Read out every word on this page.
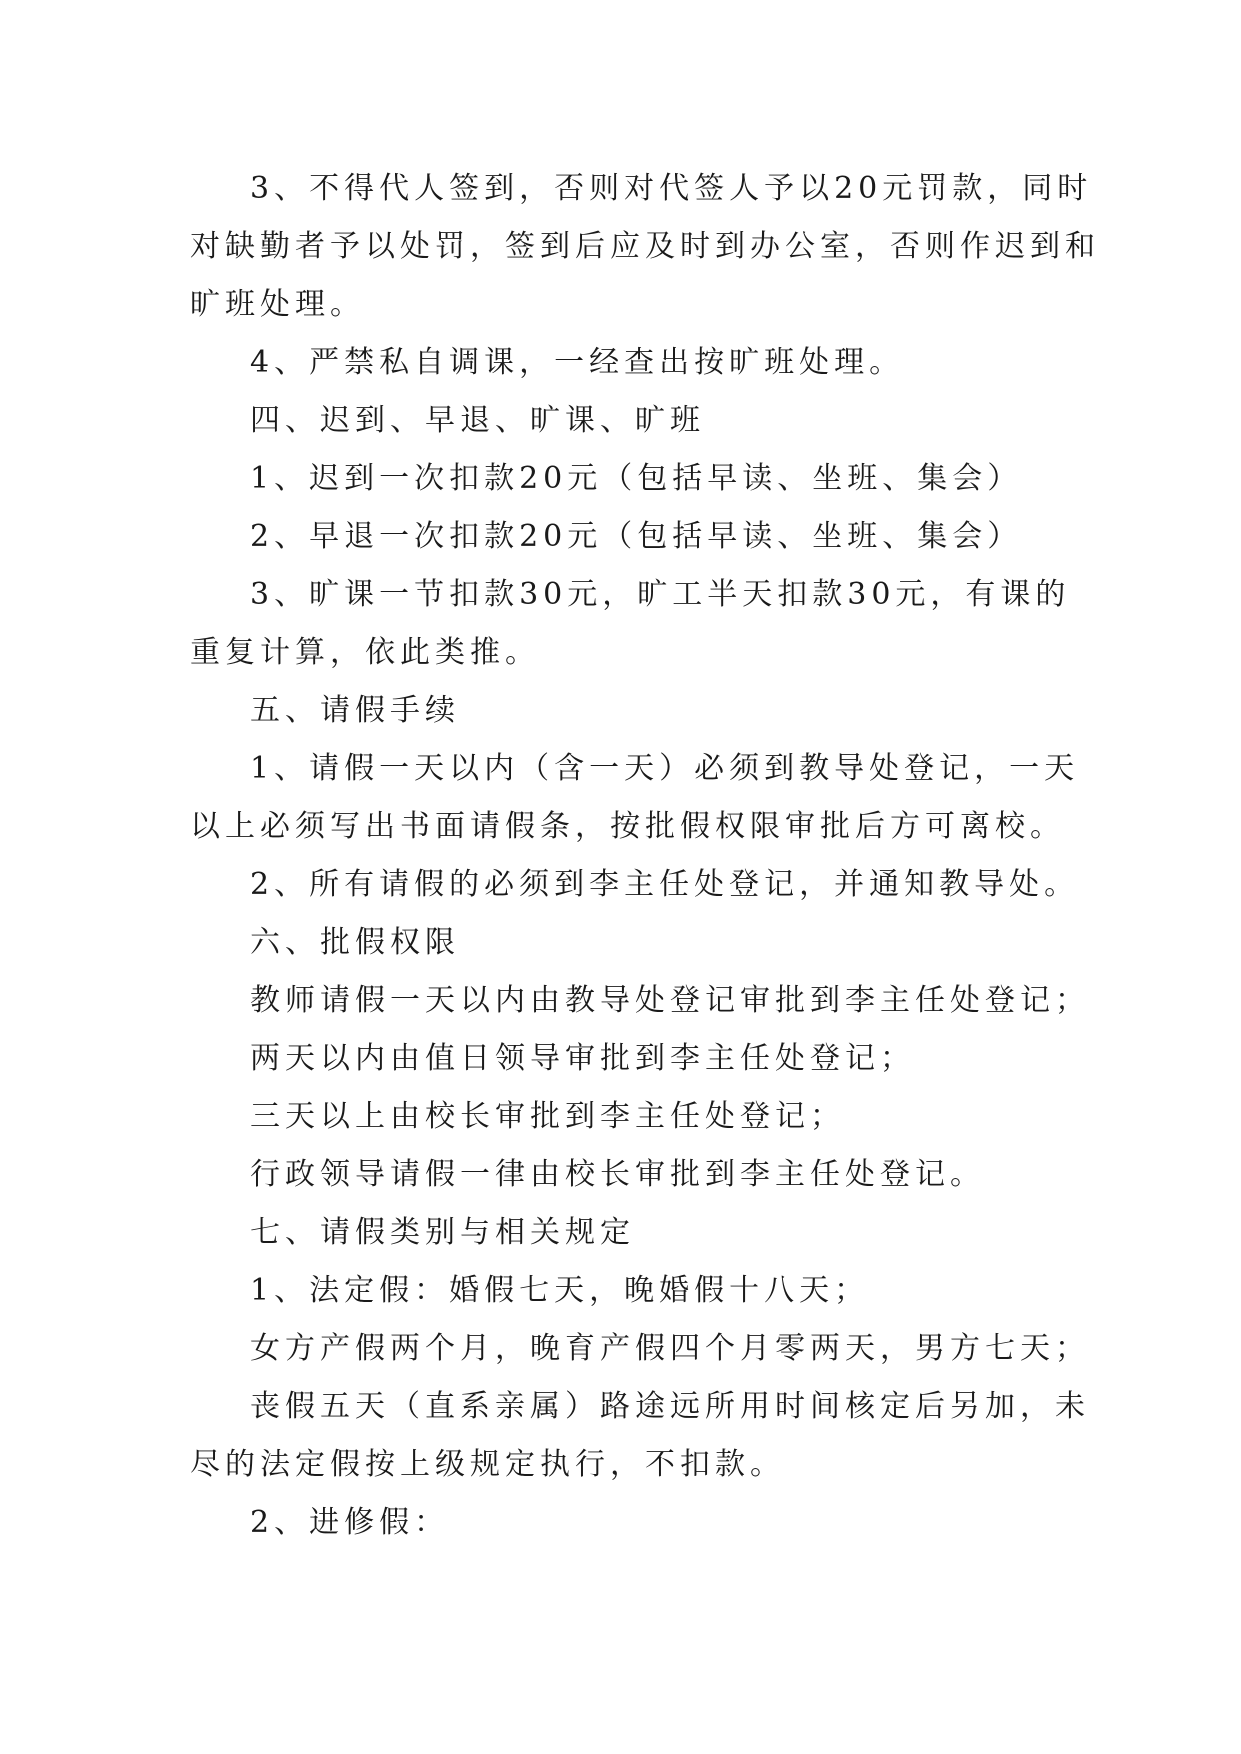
3、不得代人签到，否则对代签人予以20元罚款，同时
对缺勤者予以处罚，签到后应及时到办公室，否则作迟到和
旷班处理。
4、严禁私自调课，一经查出按旷班处理。
四、迟到、早退、旷课、旷班
1、迟到一次扣款20元（包括早读、坐班、集会）
2、早退一次扣款20元（包括早读、坐班、集会）
3、旷课一节扣款30元，旷工半天扣款30元，有课的
重复计算，依此类推。
五、请假手续
1、请假一天以内（含一天）必须到教导处登记，一天
以上必须写出书面请假条，按批假权限审批后方可离校。
2、所有请假的必须到李主任处登记，并通知教导处。
六、批假权限
教师请假一天以内由教导处登记审批到李主任处登记；
两天以内由值日领导审批到李主任处登记；
三天以上由校长审批到李主任处登记；
行政领导请假一律由校长审批到李主任处登记。
七、请假类别与相关规定
1、法定假：婚假七天，晚婚假十八天；
女方产假两个月，晚育产假四个月零两天，男方七天；
丧假五天（直系亲属）路途远所用时间核定后另加，未
尽的法定假按上级规定执行，不扣款。
2、进修假：
